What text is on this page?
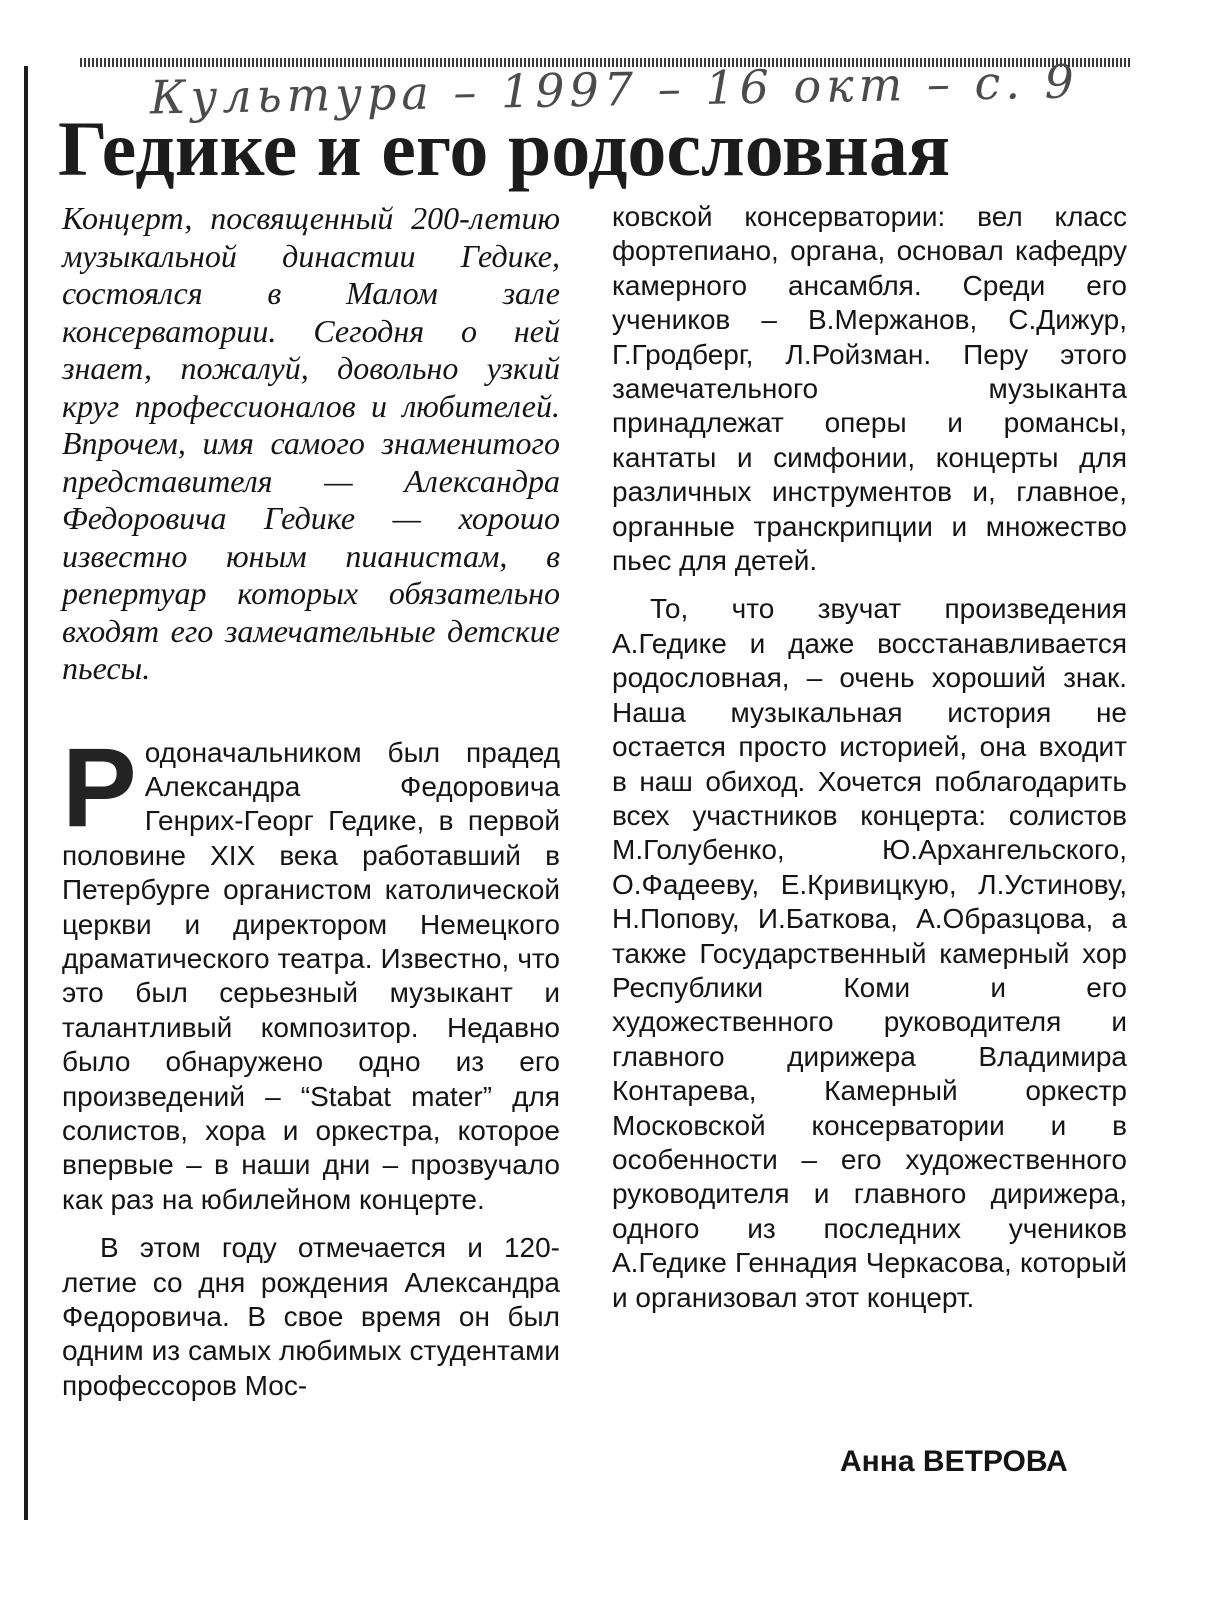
Культура – 1997 – 16 окт – с. 9
Гедике и его родословная

Концерт, посвященный 200-летию музыкальной династии Гедике, состоялся в Малом зале консерватории. Сегодня о ней знает, пожалуй, довольно узкий круг профессионалов и любителей. Впрочем, имя самого знаменитого представителя — Александра Федоровича Гедике — хорошо известно юным пианистам, в репертуар которых обязательно входят его замечательные детские пьесы.

Родоначальником был прадед Александра Федоровича Генрих-Георг Гедике, в первой половине XIX века работавший в Петербурге органистом католической церкви и директором Немецкого драматического театра. Известно, что это был серьезный музыкант и талантливый композитор. Недавно было обнаружено одно из его произведений – “Stabat mater” для солистов, хора и оркестра, которое впервые – в наши дни – прозвучало как раз на юбилейном концерте.

В этом году отмечается и 120-летие со дня рождения Александра Федоровича. В свое время он был одним из самых любимых студентами профессоров Мос-

ковской консерватории: вел класс фортепиано, органа, основал кафедру камерного ансамбля. Среди его учеников – В.Мержанов, С.Дижур, Г.Гродберг, Л.Ройзман. Перу этого замечательного музыканта принадлежат оперы и романсы, кантаты и симфонии, концерты для различных инструментов и, главное, органные транскрипции и множество пьес для детей.

То, что звучат произведения А.Гедике и даже восстанавливается родословная, – очень хороший знак. Наша музыкальная история не остается просто историей, она входит в наш обиход. Хочется поблагодарить всех участников концерта: солистов М.Голубенко, Ю.Архангельского, О.Фадееву, Е.Кривицкую, Л.Устинову, Н.Попову, И.Баткова, А.Образцова, а также Государственный камерный хор Республики Коми и его художественного руководителя и главного дирижера Владимира Контарева, Камерный оркестр Московской консерватории и в особенности – его художественного руководителя и главного дирижера, одного из последних учеников А.Гедике Геннадия Черкасова, который и организовал этот концерт.

Анна ВЕТРОВА
